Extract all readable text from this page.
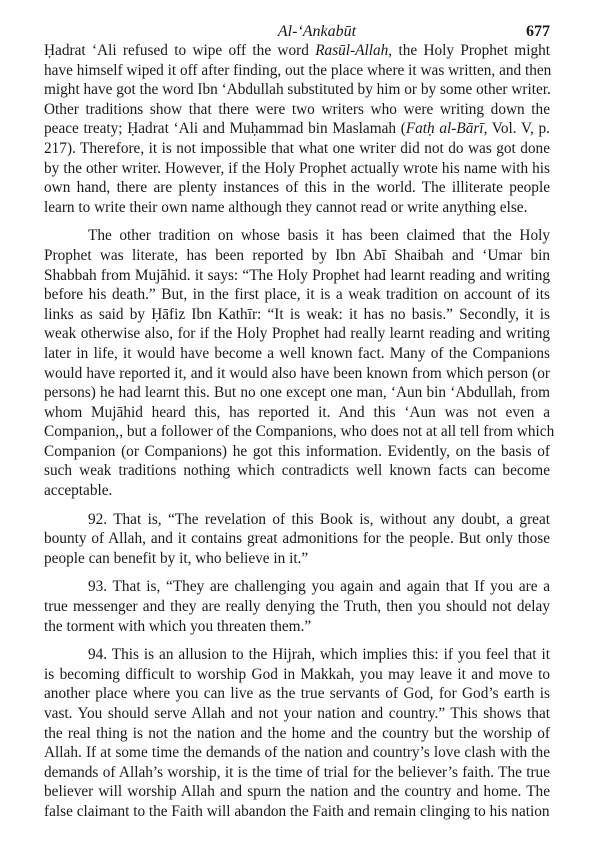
Al-‘Ankabūt	677

Ḥadrat ‘Ali refused to wipe off the word Rasūl-Allah, the Holy Prophet might
have himself wiped it off after finding, out the place where it was written, and then
might have got the word Ibn ‘Abdullah substituted by him or by some other writer.
Other traditions show that there were two writers who were writing down the
peace treaty; Ḥadrat ‘Ali and Muḥammad bin Maslamah (Fatḥ al-Bārī, Vol. V, p.
217). Therefore, it is not impossible that what one writer did not do was got done
by the other writer. However, if the Holy Prophet actually wrote his name with his
own hand, there are plenty instances of this in the world. The illiterate people
learn to write their own name although they cannot read or write anything else.

The other tradition on whose basis it has been claimed that the Holy
Prophet was literate, has been reported by Ibn Abī Shaibah and ‘Umar bin
Shabbah from Mujāhid. it says: “The Holy Prophet had learnt reading and writing
before his death.” But, in the first place, it is a weak tradition on account of its
links as said by Ḥāfiz Ibn Kathīr: “It is weak: it has no basis.” Secondly, it is
weak otherwise also, for if the Holy Prophet had really learnt reading and writing
later in life, it would have become a well known fact. Many of the Companions
would have reported it, and it would also have been known from which person (or
persons) he had learnt this. But no one except one man, ‘Aun bin ‘Abdullah, from
whom Mujāhid heard this, has reported it. And this ‘Aun was not even a
Companion,, but a follower of the Companions, who does not at all tell from which
Companion (or Companions) he got this information. Evidently, on the basis of
such weak traditions nothing which contradicts well known facts can become
acceptable.

92. That is, “The revelation of this Book is, without any doubt, a great
bounty of Allah, and it contains great admonitions for the people. But only those
people can benefit by it, who believe in it.”

93. That is, “They are challenging you again and again that If you are a
true messenger and they are really denying the Truth, then you should not delay
the torment with which you threaten them.”

94. This is an allusion to the Hijrah, which implies this: if you feel that it
is becoming difficult to worship God in Makkah, you may leave it and move to
another place where you can live as the true servants of God, for God’s earth is
vast. You should serve Allah and not your nation and country.” This shows that
the real thing is not the nation and the home and the country but the worship of
Allah. If at some time the demands of the nation and country’s love clash with the
demands of Allah’s worship, it is the time of trial for the believer’s faith. The true
believer will worship Allah and spurn the nation and the country and home. The
false claimant to the Faith will abandon the Faith and remain clinging to his nation
